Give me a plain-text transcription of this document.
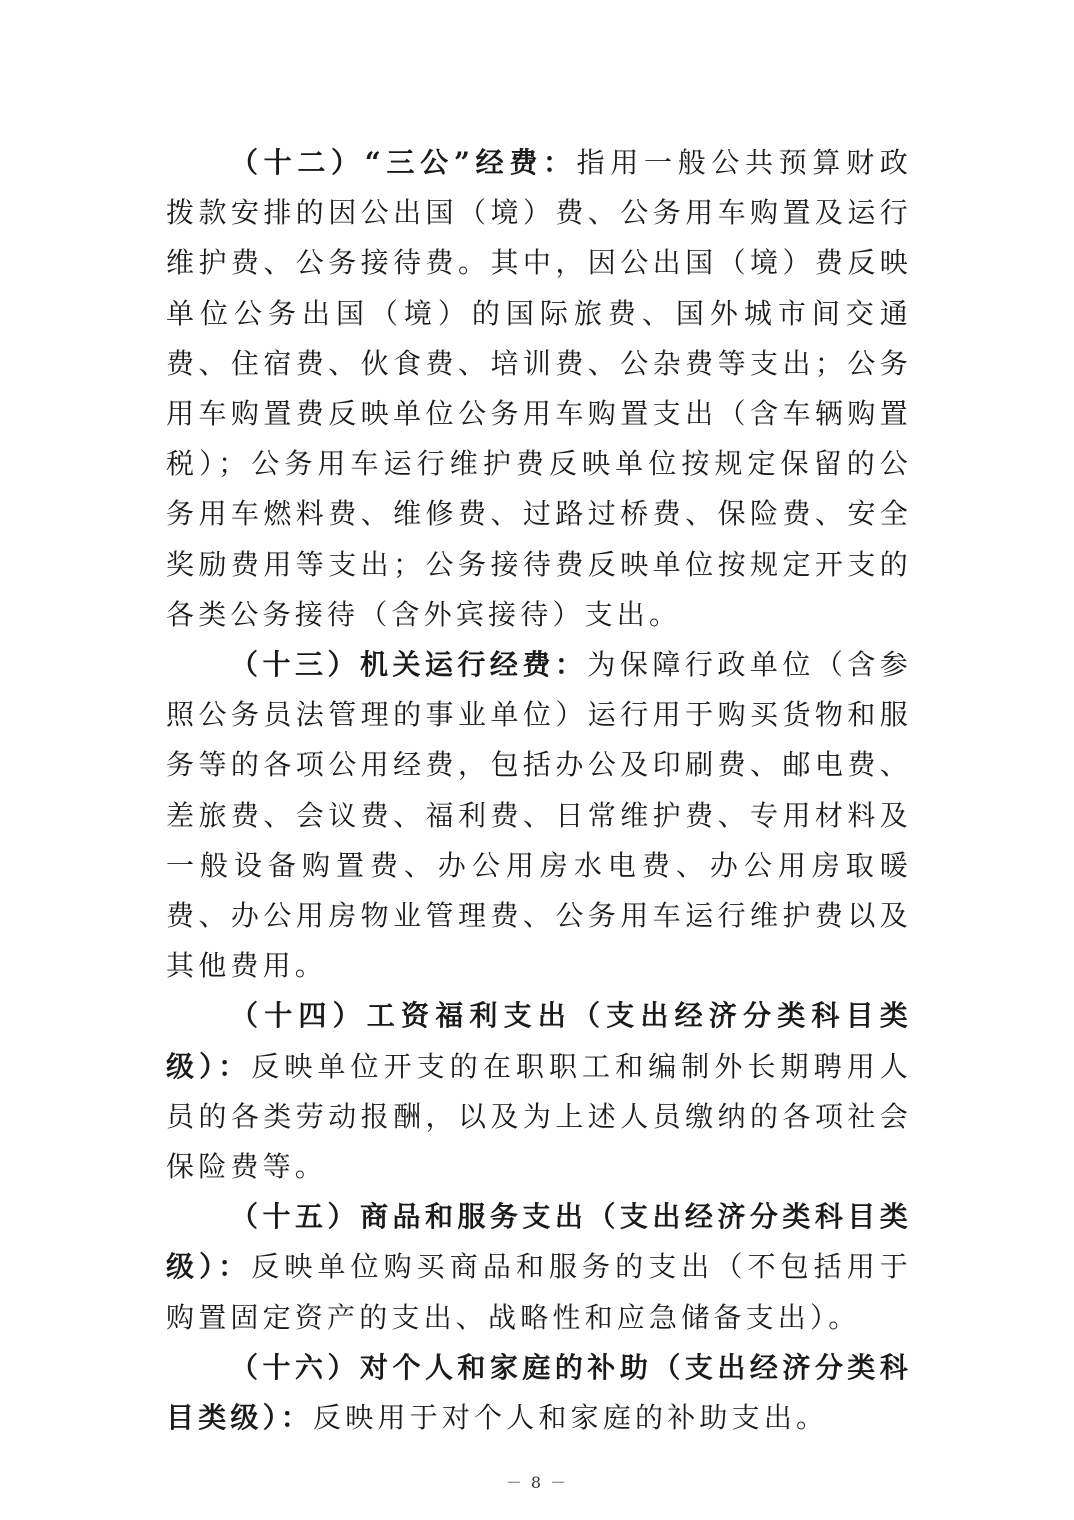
（十二）“三公”经费：指用一般公共预算财政拨款安排的因公出国（境）费、公务用车购置及运行维护费、公务接待费。其中，因公出国（境）费反映单位公务出国（境）的国际旅费、国外城市间交通费、住宿费、伙食费、培训费、公杂费等支出；公务用车购置费反映单位公务用车购置支出（含车辆购置税）；公务用车运行维护费反映单位按规定保留的公务用车燃料费、维修费、过路过桥费、保险费、安全奖励费用等支出；公务接待费反映单位按规定开支的各类公务接待（含外宾接待）支出。

（十三）机关运行经费：为保障行政单位（含参照公务员法管理的事业单位）运行用于购买货物和服务等的各项公用经费，包括办公及印刷费、邮电费、差旅费、会议费、福利费、日常维护费、专用材料及一般设备购置费、办公用房水电费、办公用房取暖费、办公用房物业管理费、公务用车运行维护费以及其他费用。

（十四）工资福利支出（支出经济分类科目类级）：反映单位开支的在职职工和编制外长期聘用人员的各类劳动报酬，以及为上述人员缴纳的各项社会保险费等。

（十五）商品和服务支出（支出经济分类科目类级）：反映单位购买商品和服务的支出（不包括用于购置固定资产的支出、战略性和应急储备支出）。

（十六）对个人和家庭的补助（支出经济分类科目类级）：反映用于对个人和家庭的补助支出。

－ 8 －
